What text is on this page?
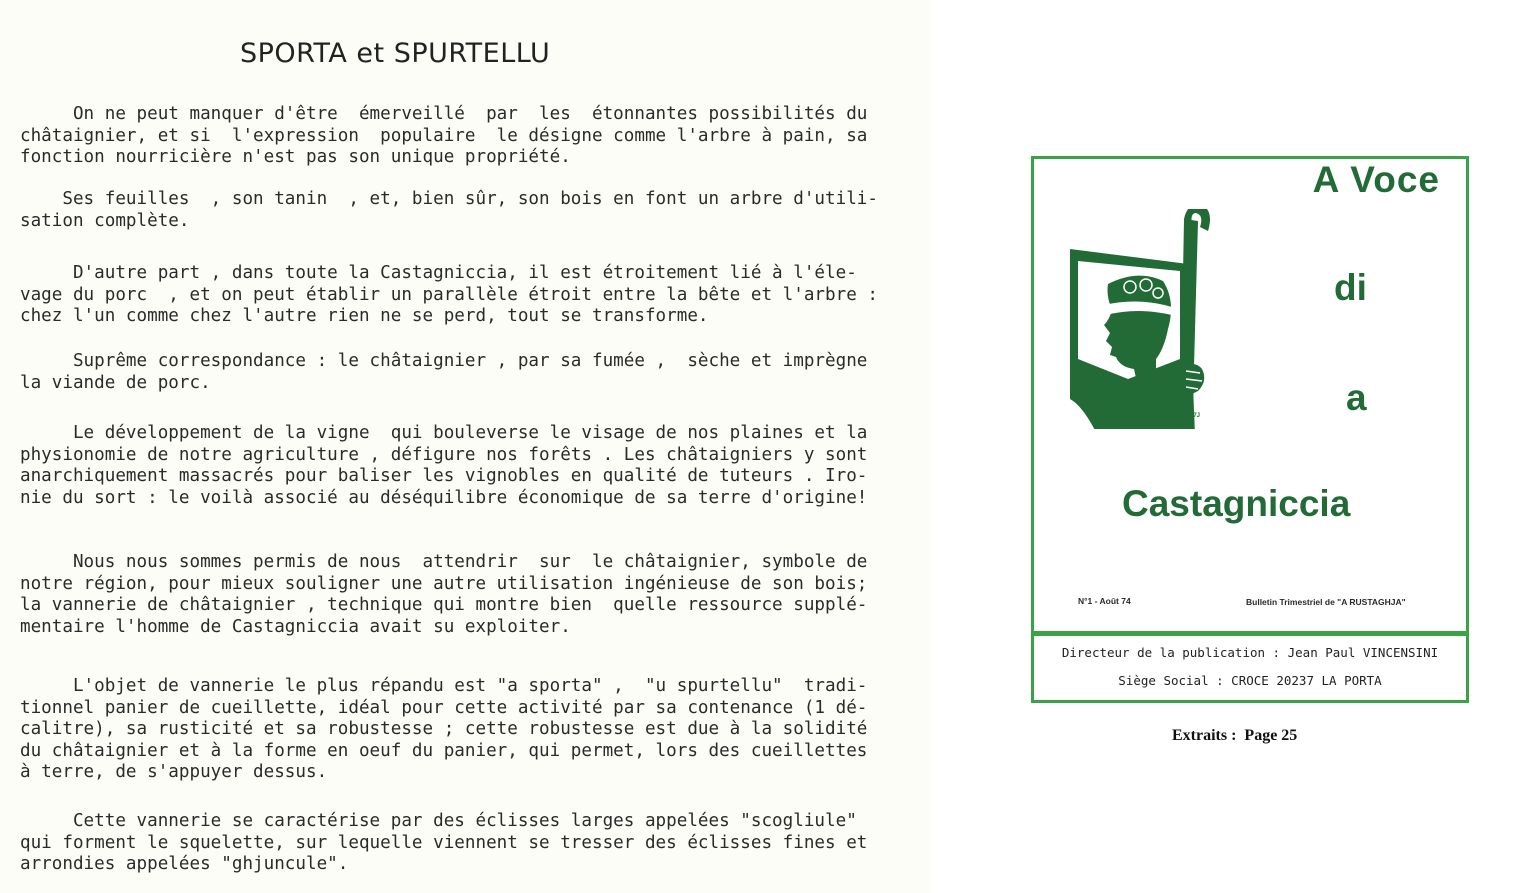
SPORTA et SPURTELLU

On ne peut manquer d'être  émerveillé  par  les  étonnantes possibilités du
châtaignier, et si  l'expression  populaire  le désigne comme l'arbre à pain, sa
fonction nourricière n'est pas son unique propriété.

Ses feuilles  , son tanin  , et, bien sûr, son bois en font un arbre d'utili-
sation complète.

D'autre part , dans toute la Castagniccia, il est étroitement lié à l'éle-
vage du porc  , et on peut établir un parallèle étroit entre la bête et l'arbre :
chez l'un comme chez l'autre rien ne se perd, tout se transforme.

Suprême correspondance : le châtaignier , par sa fumée ,  sèche et imprègne
la viande de porc.

Le développement de la vigne  qui bouleverse le visage de nos plaines et la
physionomie de notre agriculture , défigure nos forêts . Les châtaigniers y sont
anarchiquement massacrés pour baliser les vignobles en qualité de tuteurs . Iro-
nie du sort : le voilà associé au déséquilibre économique de sa terre d'origine!

Nous nous sommes permis de nous  attendrir  sur  le châtaignier, symbole de
notre région, pour mieux souligner une autre utilisation ingénieuse de son bois;
la vannerie de châtaignier , technique qui montre bien  quelle ressource supplé-
mentaire l'homme de Castagniccia avait su exploiter.

L'objet de vannerie le plus répandu est "a sporta" ,  "u spurtellu"  tradi-
tionnel panier de cueillette, idéal pour cette activité par sa contenance (1 dé-
calitre), sa rusticité et sa robustesse ; cette robustesse est due à la solidité
du châtaignier et à la forme en oeuf du panier, qui permet, lors des cueillettes
à terre, de s'appuyer dessus.

Cette vannerie se caractérise par des éclisses larges appelées "scogliule"
qui forment le squelette, sur lequelle viennent se tresser des éclisses fines et
arrondies appelées "ghjuncule".

A Voce
C7J
di
a
Castagniccia
N°1 - Août 74	Bulletin Trimestriel de "A RUSTAGHJA"
Directeur de la publication : Jean Paul VINCENSINI
Siège Social : CROCE 20237 LA PORTA
Extraits :  Page 25
